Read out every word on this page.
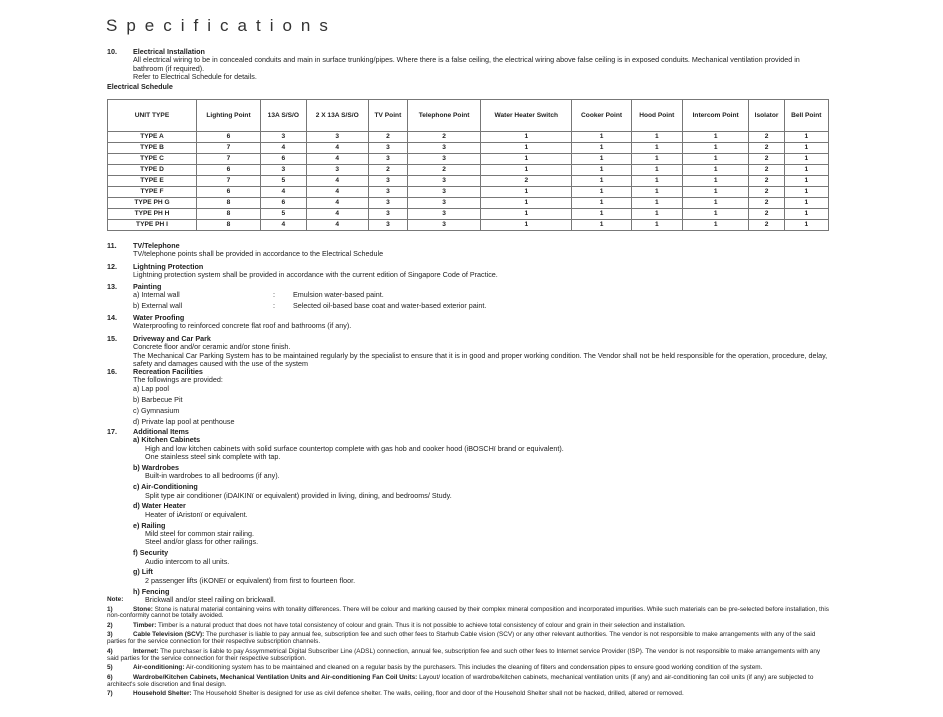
Specifications
10. Electrical Installation

All electrical wiring to be in concealed conduits and main in surface trunking/pipes. Where there is a false ceiling, the electrical wiring above false ceiling is in exposed conduits. Mechanical ventilation provided in bathroom (if required).

Refer to Electrical Schedule for details.

Electrical Schedule
UNIT TYPE	Lighting Point	13A S/S/O	2 X 13A S/S/O	TV Point	Telephone Point	Water Heater Switch	Cooker Point	Hood Point	Intercom Point	Isolator	Bell Point
TYPE A	6	3	3	2	2	1	1	1	1	2	1
TYPE B	7	4	4	3	3	1	1	1	1	2	1
TYPE C	7	6	4	3	3	1	1	1	1	2	1
TYPE D	6	3	3	2	2	1	1	1	1	2	1
TYPE E	7	5	4	3	3	2	1	1	1	2	1
TYPE F	6	4	4	3	3	1	1	1	1	2	1
TYPE PH G	8	6	4	3	3	1	1	1	1	2	1
TYPE PH H	8	5	4	3	3	1	1	1	1	2	1
TYPE PH I	8	4	4	3	3	1	1	1	1	2	1
11. TV/Telephone

TV/telephone points shall be provided in accordance to the Electrical Schedule

12. Lightning Protection

Lightning protection system shall be provided in accordance with the current edition of Singapore Code of Practice.

13. Painting
a) Internal wall	:	Emulsion water-based paint.
b) External wall	:	Selected oil-based base coat and water-based exterior paint.
14. Water Proofing

Waterproofing to reinforced concrete flat roof and bathrooms (if any).

15. Driveway and Car Park

Concrete floor and/or ceramic and/or stone finish.

The Mechanical Car Parking System has to be maintained regularly by the specialist to ensure that it is in good and proper working condition. The Vendor shall not be held responsible for the operation, procedure, delay, safety and damages caused with the use of the system

16. Recreation Facilities

The followings are provided:

a) Lap pool

b) Barbecue Pit

c) Gymnasium

d) Private lap pool at penthouse

17. Additional Items
a) Kitchen Cabinets

High and low kitchen cabinets with solid surface countertop complete with gas hob and cooker hood (iBOSCHï brand or equivalent).

One stainless steel sink complete with tap.

b) Wardrobes

Built-in wardrobes to all bedrooms (if any).

c) Air-Conditioning

Split type air conditioner (iDAIKINï or equivalent) provided in living, dining, and bedrooms/ Study.

d) Water Heater

Heater of iAristonï or equivalent.

e) Railing

Mild steel for common stair railing.

Steel and/or glass for other railings.

f) Security

Audio intercom to all units.

g) Lift

2 passenger lifts (iKONEï or equivalent) from first to fourteen floor.

h) Fencing

Brickwall and/or steel railing on brickwall.

Note:
1)	Stone: Stone is natural material containing veins with tonality differences. There will be colour and marking caused by their complex mineral composition and incorporated impurities. While such materials can be pre-selected before installation, this non-conformity cannot be totally avoided.
2)	Timber: Timber is a natural product that does not have total consistency of colour and grain. Thus it is not possible to achieve total consistency of colour and grain in their selection and installation.
3)	Cable Television (SCV): The purchaser is liable to pay annual fee, subscription fee and such other fees to Starhub Cable vision (SCV) or any other relevant authorities. The vendor is not responsible to make arrangements with any of the said parties for the service connection for their respective subscription channels.
4)	Internet: The purchaser is liable to pay Assymmetrical Digital Subscriber Line (ADSL) connection, annual fee, subscription fee and such other fees to Internet service Provider (ISP). The vendor is not responsible to make arrangements with any said parties for the service connection for their respective subscription.
5)	Air-conditioning: Air-conditioning system has to be maintained and cleaned on a regular basis by the purchasers. This includes the cleaning of filters and condensation pipes to ensure good working condition of the system.
6)	Wardrobe/Kitchen Cabinets, Mechanical Ventilation Units and Air-conditioning Fan Coil Units: Layout/ location of wardrobe/kitchen cabinets, mechanical ventilation units (if any) and air-conditioning fan coil units (if any) are subjected to architect's sole discretion and final design.
7)	Household Shelter: The Household Shelter is designed for use as civil defence shelter. The walls, ceiling, floor and door of the Household Shelter shall not be hacked, drilled, altered or removed.
